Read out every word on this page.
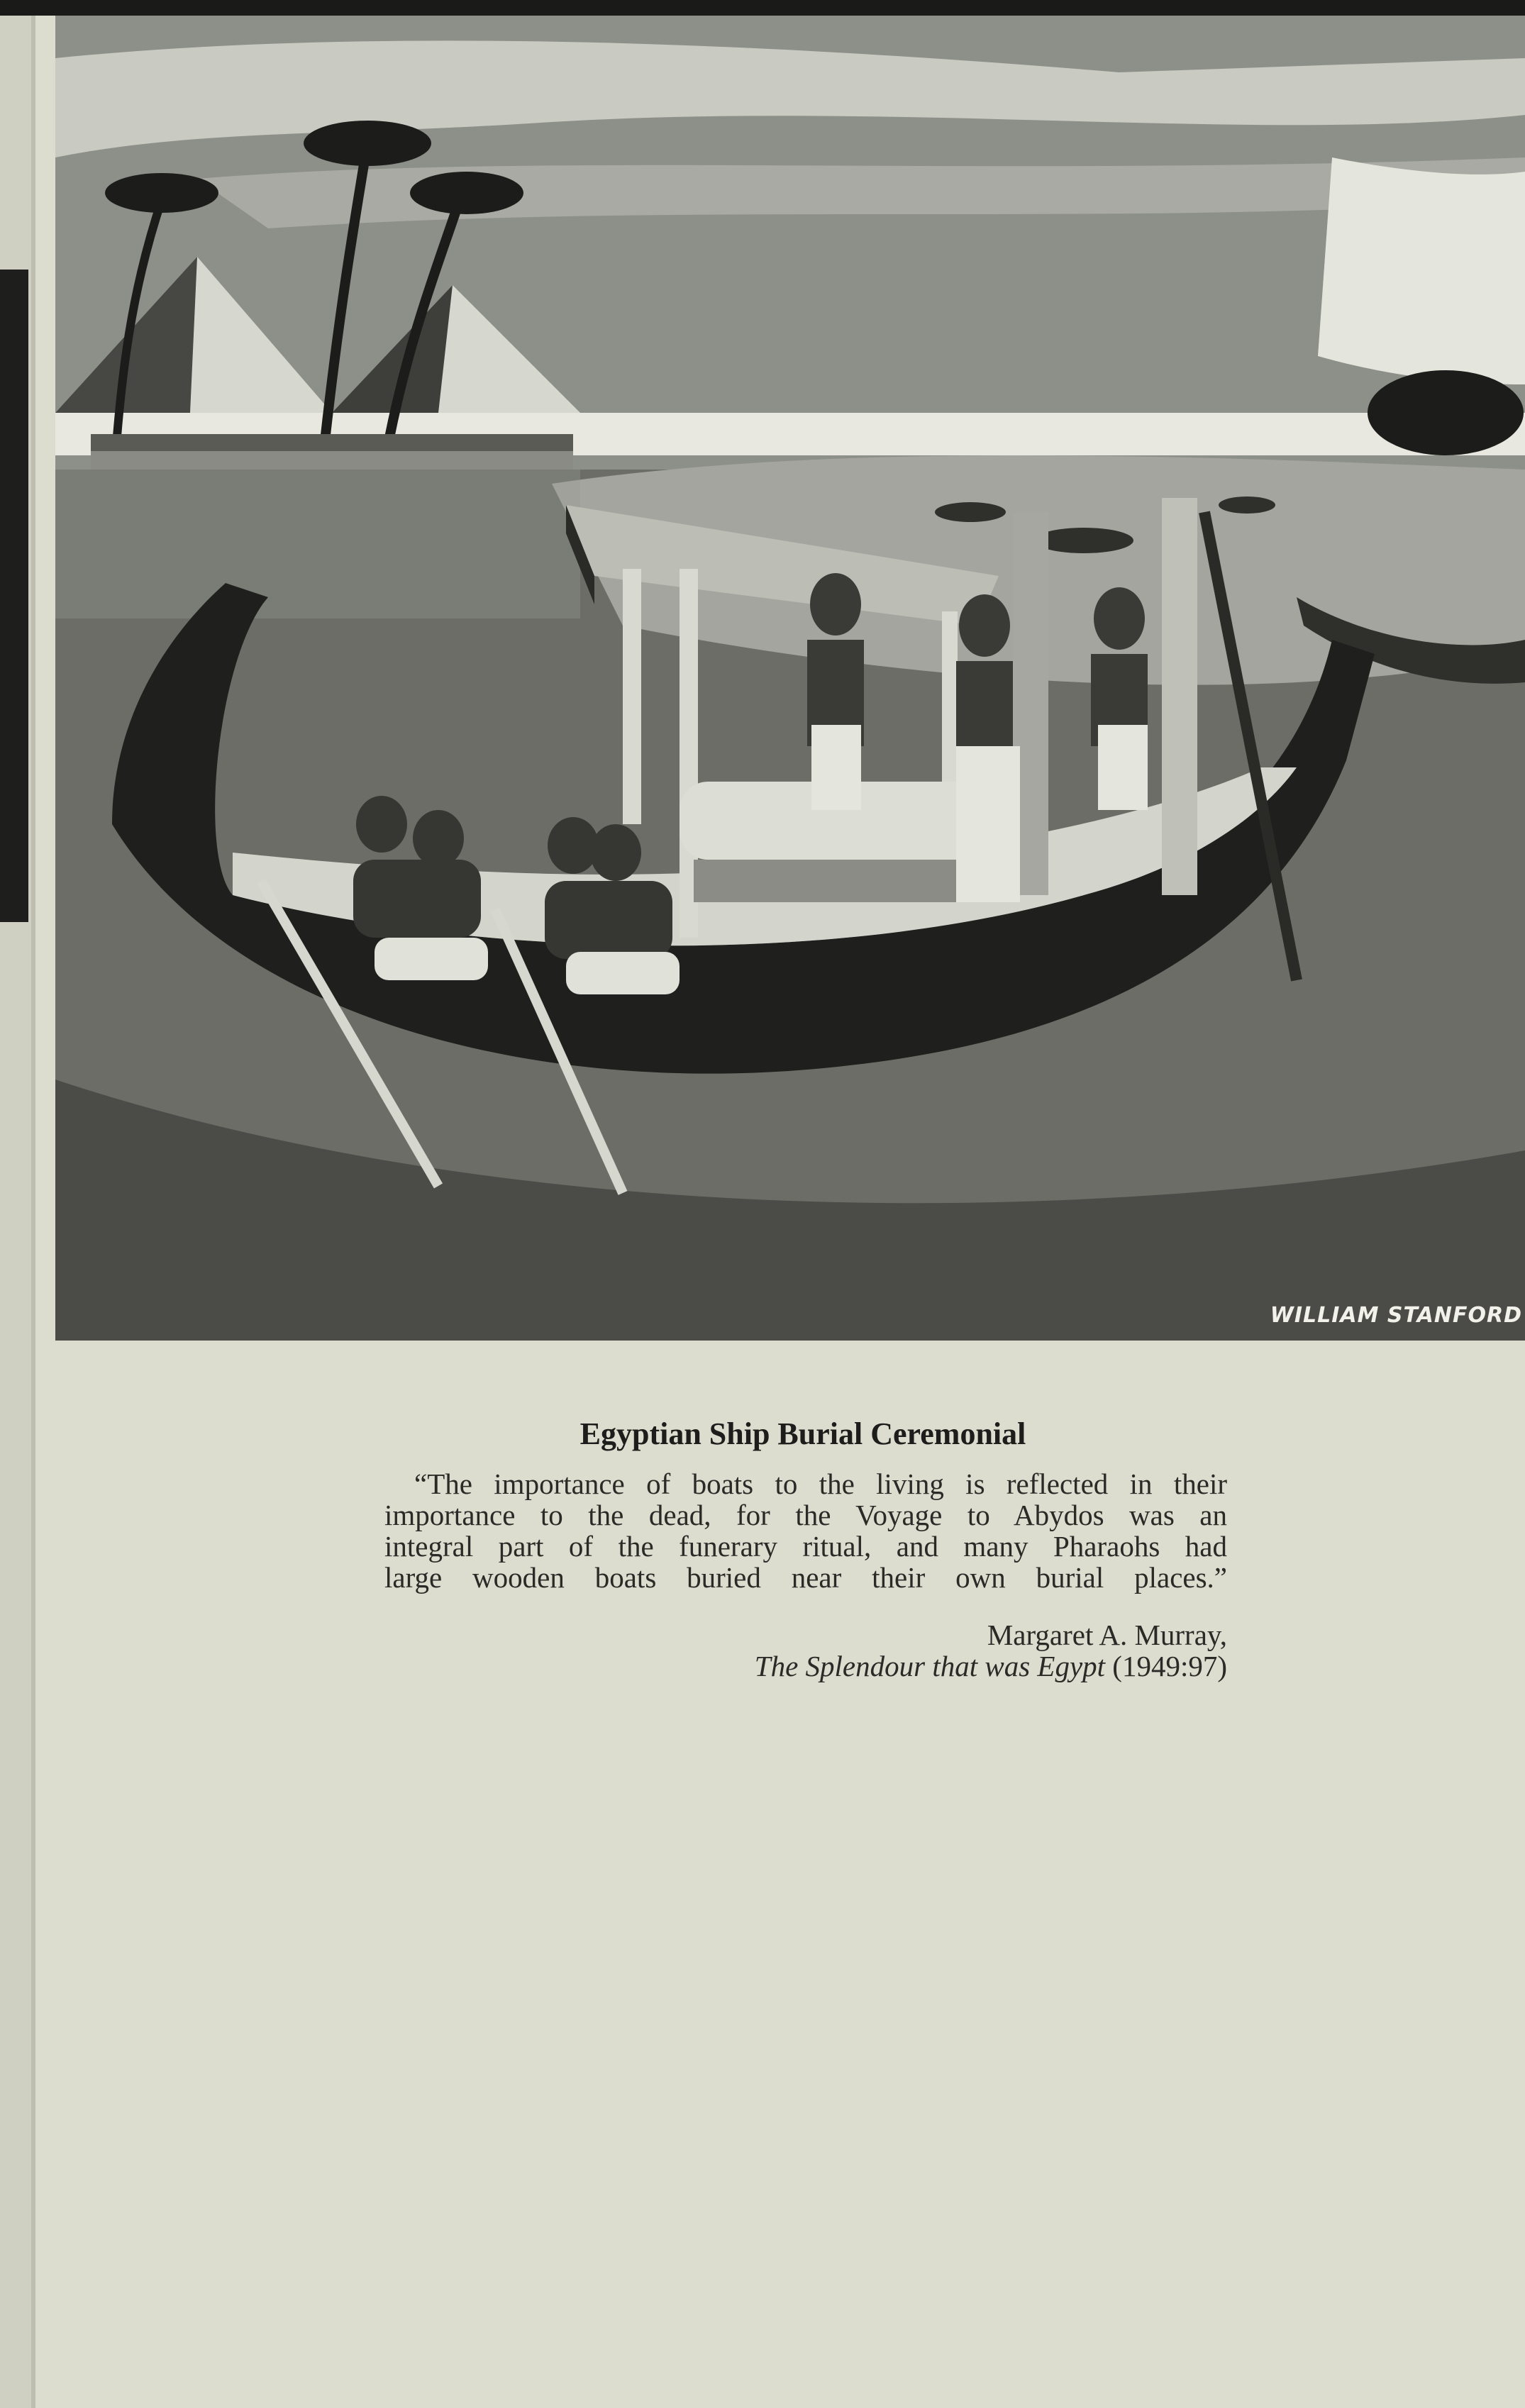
WILLIAM STANFORD
Egyptian Ship Burial Ceremonial
“The importance of boats to the living is reflected in their
importance to the dead, for the Voyage to Abydos was an
integral part of the funerary ritual, and many Pharaohs had
large wooden boats buried near their own burial places.”
Margaret A. Murray,
The Splendour that was Egypt (1949:97)
